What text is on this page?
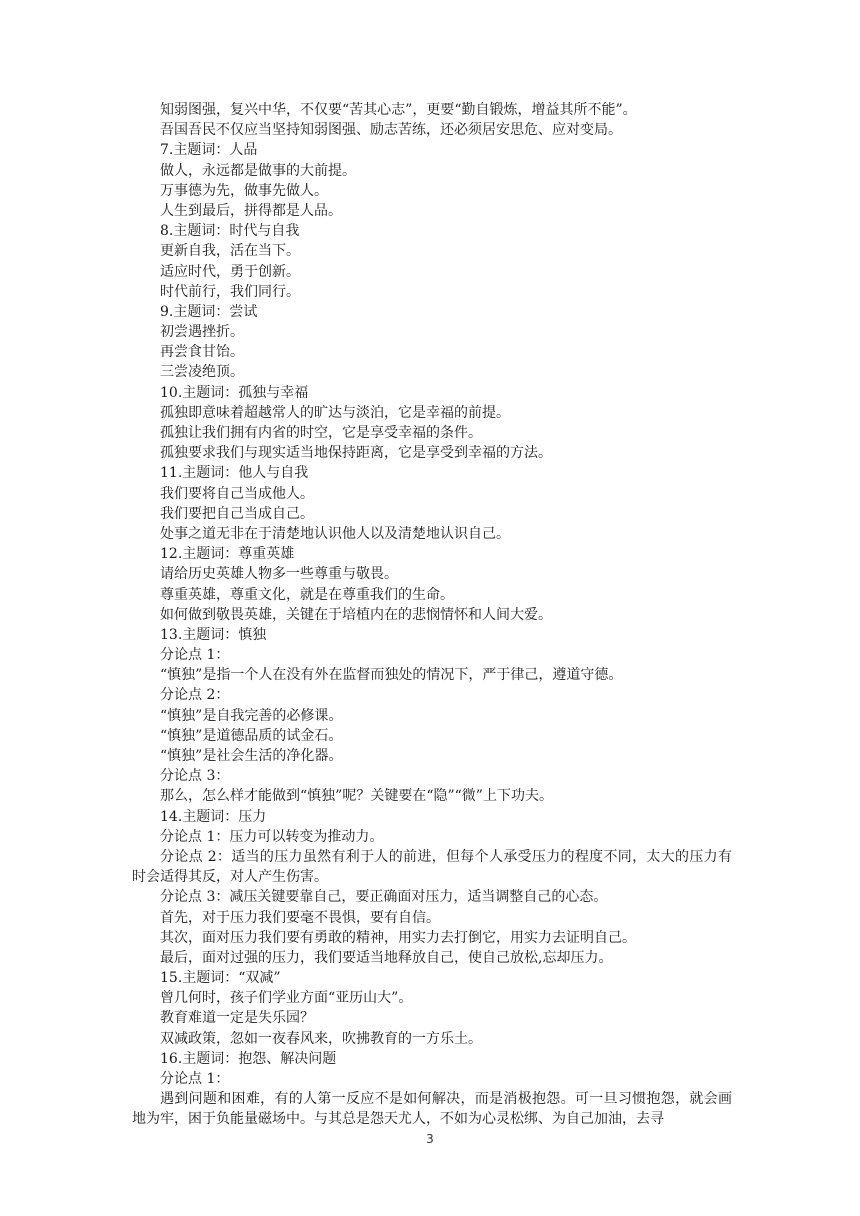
知弱图强，复兴中华，不仅要“苦其心志”，更要“勤自锻炼，增益其所不能”。
吾国吾民不仅应当坚持知弱图强、励志苦练，还必须居安思危、应对变局。
7.主题词：人品
做人，永远都是做事的大前提。
万事德为先，做事先做人。
人生到最后，拼得都是人品。
8.主题词：时代与自我
更新自我，活在当下。
适应时代，勇于创新。
时代前行，我们同行。
9.主题词：尝试
初尝遇挫折。
再尝食甘饴。
三尝凌绝顶。
10.主题词：孤独与幸福
孤独即意味着超越常人的旷达与淡泊，它是幸福的前提。
孤独让我们拥有内省的时空，它是享受幸福的条件。
孤独要求我们与现实适当地保持距离，它是享受到幸福的方法。
11.主题词：他人与自我
我们要将自己当成他人。
我们要把自己当成自己。
处事之道无非在于清楚地认识他人以及清楚地认识自己。
12.主题词：尊重英雄
请给历史英雄人物多一些尊重与敬畏。
尊重英雄，尊重文化，就是在尊重我们的生命。
如何做到敬畏英雄，关键在于培植内在的悲悯情怀和人间大爱。
13.主题词：慎独
分论点 1：
“慎独”是指一个人在没有外在监督而独处的情况下，严于律己，遵道守德。
分论点 2：
“慎独”是自我完善的必修课。
“慎独”是道德品质的试金石。
“慎独”是社会生活的净化器。
分论点 3：
那么，怎么样才能做到“慎独”呢？关键要在“隐”“微”上下功夫。
14.主题词：压力
分论点 1：压力可以转变为推动力。
分论点 2：适当的压力虽然有利于人的前进，但每个人承受压力的程度不同，太大的压力有时会适得其反，对人产生伤害。
分论点 3：减压关键要靠自己，要正确面对压力，适当调整自己的心态。
首先，对于压力我们要毫不畏惧，要有自信。
其次，面对压力我们要有勇敢的精神，用实力去打倒它，用实力去证明自己。
最后，面对过强的压力，我们要适当地释放自己，使自己放松,忘却压力。
15.主题词：“双减”
曾几何时，孩子们学业方面“亚历山大”。
教育难道一定是失乐园？
双减政策，忽如一夜春风来，吹拂教育的一方乐土。
16.主题词：抱怨、解决问题
分论点 1：
遇到问题和困难，有的人第一反应不是如何解决，而是消极抱怨。可一旦习惯抱怨，就会画地为牢，困于负能量磁场中。与其总是怨天尤人，不如为心灵松绑、为自己加油，去寻
3
